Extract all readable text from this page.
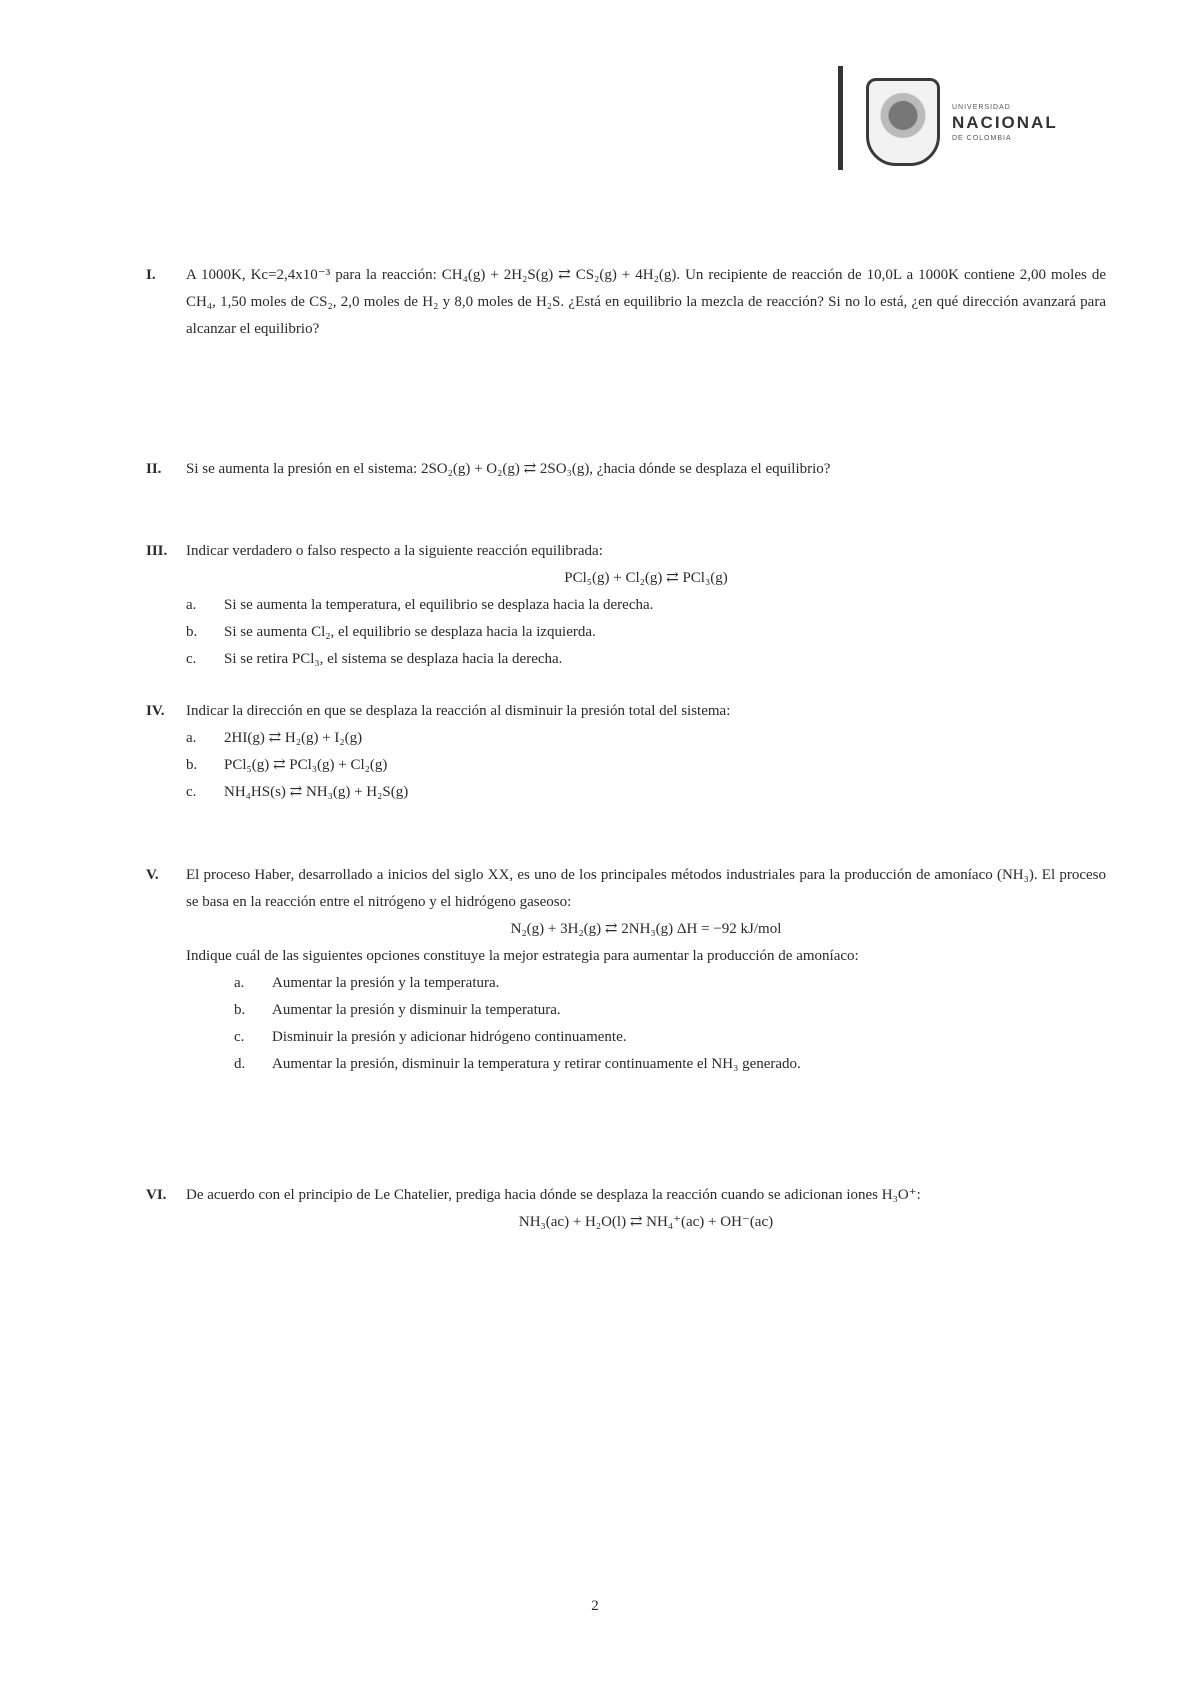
UNIVERSIDAD
NACIONAL
DE COLOMBIA
I. A 1000K, Kc=2,4x10⁻³ para la reacción: CH₄(g) + 2H₂S(g) ⇄ CS₂(g) + 4H₂(g). Un recipiente de reacción de 10,0L a 1000K contiene 2,00 moles de CH₄, 1,50 moles de CS₂, 2,0 moles de H₂ y 8,0 moles de H₂S. ¿Está en equilibrio la mezcla de reacción? Si no lo está, ¿en qué dirección avanzará para alcanzar el equilibrio?

II. Si se aumenta la presión en el sistema: 2SO₂(g) + O₂(g) ⇄ 2SO₃(g), ¿hacia dónde se desplaza el equilibrio?

III. Indicar verdadero o falso respecto a la siguiente reacción equilibrada:

PCl₅(g) + Cl₂(g) ⇄ PCl₃(g)

a. Si se aumenta la temperatura, el equilibrio se desplaza hacia la derecha.
b. Si se aumenta Cl₂, el equilibrio se desplaza hacia la izquierda.
c. Si se retira PCl₃, el sistema se desplaza hacia la derecha.
IV. Indicar la dirección en que se desplaza la reacción al disminuir la presión total del sistema:

a. 2HI(g) ⇄ H₂(g) + I₂(g)
b. PCl₅(g) ⇄ PCl₃(g) + Cl₂(g)
c. NH₄HS(s) ⇄ NH₃(g) + H₂S(g)
V. El proceso Haber, desarrollado a inicios del siglo XX, es uno de los principales métodos industriales para la producción de amoníaco (NH₃). El proceso se basa en la reacción entre el nitrógeno y el hidrógeno gaseoso:

N₂(g) + 3H₂(g) ⇄ 2NH₃(g) ΔH = −92 kJ/mol

Indique cuál de las siguientes opciones constituye la mejor estrategia para aumentar la producción de amoníaco:

a. Aumentar la presión y la temperatura.
b. Aumentar la presión y disminuir la temperatura.
c. Disminuir la presión y adicionar hidrógeno continuamente.
d. Aumentar la presión, disminuir la temperatura y retirar continuamente el NH₃ generado.
VI. De acuerdo con el principio de Le Chatelier, prediga hacia dónde se desplaza la reacción cuando se adicionan iones H₃O⁺:

NH₃(ac) + H₂O(l) ⇄ NH₄⁺(ac) + OH⁻(ac)

2
